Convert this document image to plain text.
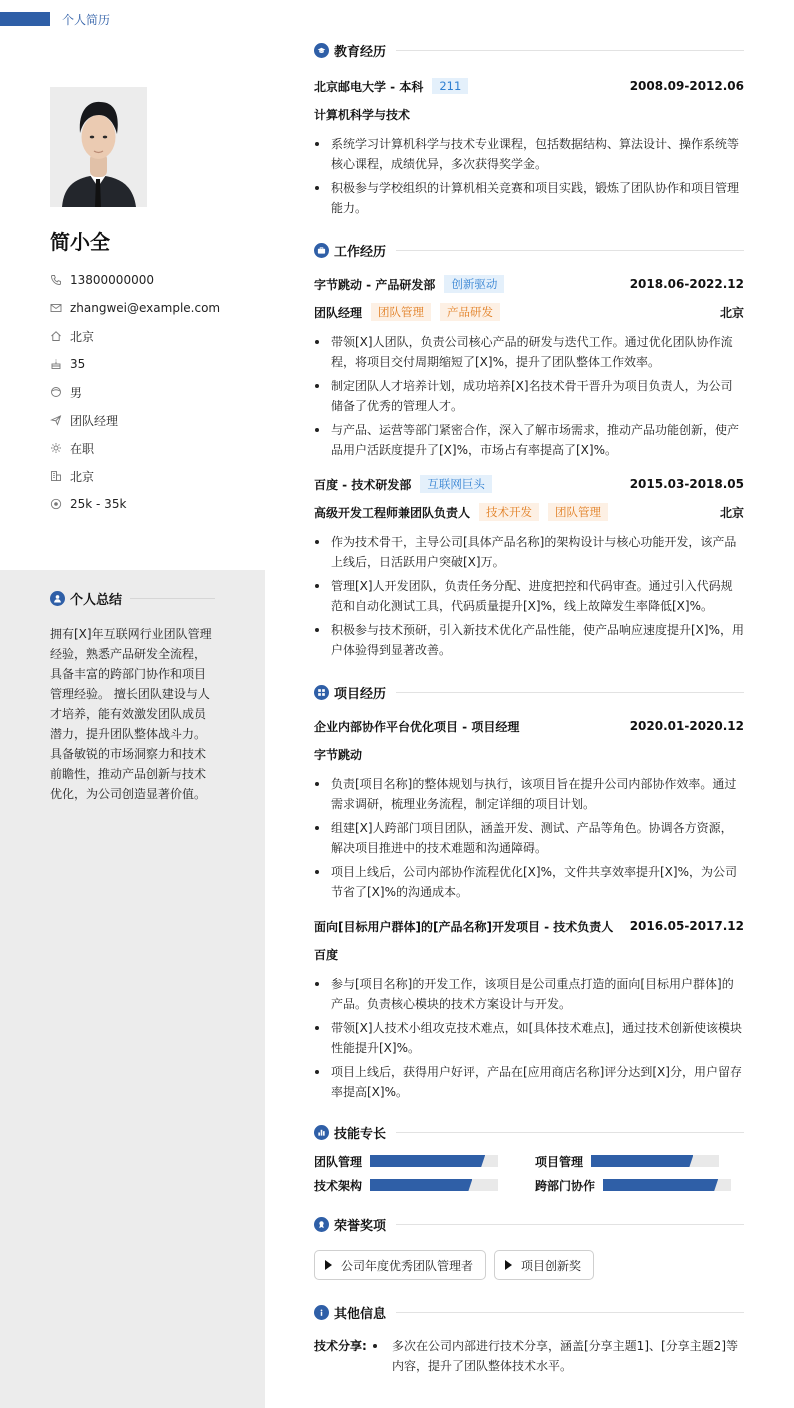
个人简历
简小全
13800000000
zhangwei@example.com
北京
35
男
团队经理
在职
北京
25k - 35k
个人总结
拥有[X]年互联网行业团队管理经验，熟悉产品研发全流程，具备丰富的跨部门协作和项目管理经验。 擅长团队建设与人才培养，能有效激发团队成员潜力，提升团队整体战斗力。具备敏锐的市场洞察力和技术前瞻性，推动产品创新与技术优化，为公司创造显著价值。
教育经历
北京邮电大学 - 本科	211	2008.09-2012.06
计算机科学与技术
系统学习计算机科学与技术专业课程，包括数据结构、算法设计、操作系统等核心课程，成绩优异，多次获得奖学金。
积极参与学校组织的计算机相关竞赛和项目实践，锻炼了团队协作和项目管理能力。
工作经历
字节跳动 - 产品研发部	创新驱动	2018.06-2022.12
团队经理	团队管理	产品研发	北京
带领[X]人团队，负责公司核心产品的研发与迭代工作。通过优化团队协作流程，将项目交付周期缩短了[X]%，提升了团队整体工作效率。
制定团队人才培养计划，成功培养[X]名技术骨干晋升为项目负责人，为公司储备了优秀的管理人才。
与产品、运营等部门紧密合作，深入了解市场需求，推动产品功能创新，使产品用户活跃度提升了[X]%，市场占有率提高了[X]%。
百度 - 技术研发部	互联网巨头	2015.03-2018.05
高级开发工程师兼团队负责人	技术开发	团队管理	北京
作为技术骨干，主导公司[具体产品名称]的架构设计与核心功能开发，该产品上线后，日活跃用户突破[X]万。
管理[X]人开发团队，负责任务分配、进度把控和代码审查。通过引入代码规范和自动化测试工具，代码质量提升[X]%，线上故障发生率降低[X]%。
积极参与技术预研，引入新技术优化产品性能，使产品响应速度提升[X]%，用户体验得到显著改善。
项目经历
企业内部协作平台优化项目 - 项目经理	2020.01-2020.12
字节跳动
负责[项目名称]的整体规划与执行，该项目旨在提升公司内部协作效率。通过需求调研，梳理业务流程，制定详细的项目计划。
组建[X]人跨部门项目团队，涵盖开发、测试、产品等角色。协调各方资源，解决项目推进中的技术难题和沟通障碍。
项目上线后，公司内部协作流程优化[X]%，文件共享效率提升[X]%，为公司节省了[X]%的沟通成本。
面向[目标用户群体]的[产品名称]开发项目 - 技术负责人 2016.05-2017.12
百度
参与[项目名称]的开发工作，该项目是公司重点打造的面向[目标用户群体]的产品。负责核心模块的技术方案设计与开发。
带领[X]人技术小组攻克技术难点，如[具体技术难点]，通过技术创新使该模块性能提升[X]%。
项目上线后，获得用户好评，产品在[应用商店名称]评分达到[X]分，用户留存率提高[X]%。
技能专长
团队管理	项目管理
技术架构	跨部门协作
荣誉奖项
公司年度优秀团队管理者	项目创新奖
其他信息
技术分享:	多次在公司内部进行技术分享，涵盖[分享主题1]、[分享主题2]等内容，提升了团队整体技术水平。
